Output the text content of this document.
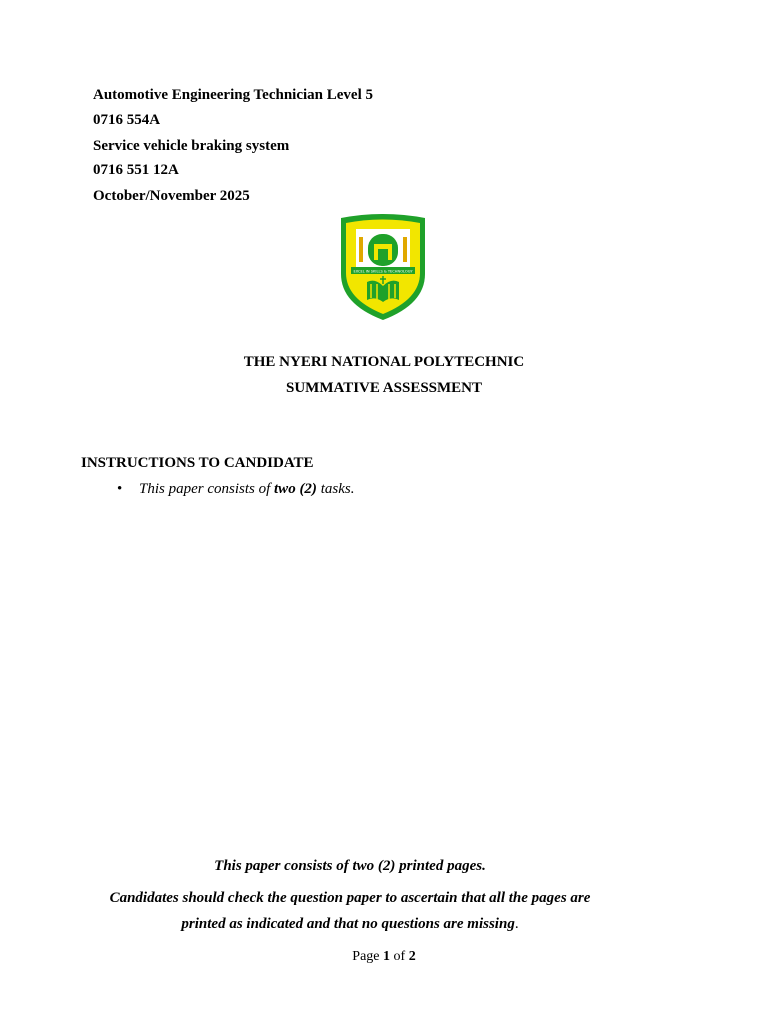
Automotive Engineering Technician Level 5
0716 554A
Service vehicle braking system
0716 551 12A
October/November 2025
EXCEL IN SKILLS & TECHNOLOGY
THE NYERI NATIONAL POLYTECHNIC
SUMMATIVE ASSESSMENT
INSTRUCTIONS TO CANDIDATE
• This paper consists of two (2) tasks.
This paper consists of two (2) printed pages.
Candidates should check the question paper to ascertain that all the pages are
printed as indicated and that no questions are missing.
Page 1 of 2
